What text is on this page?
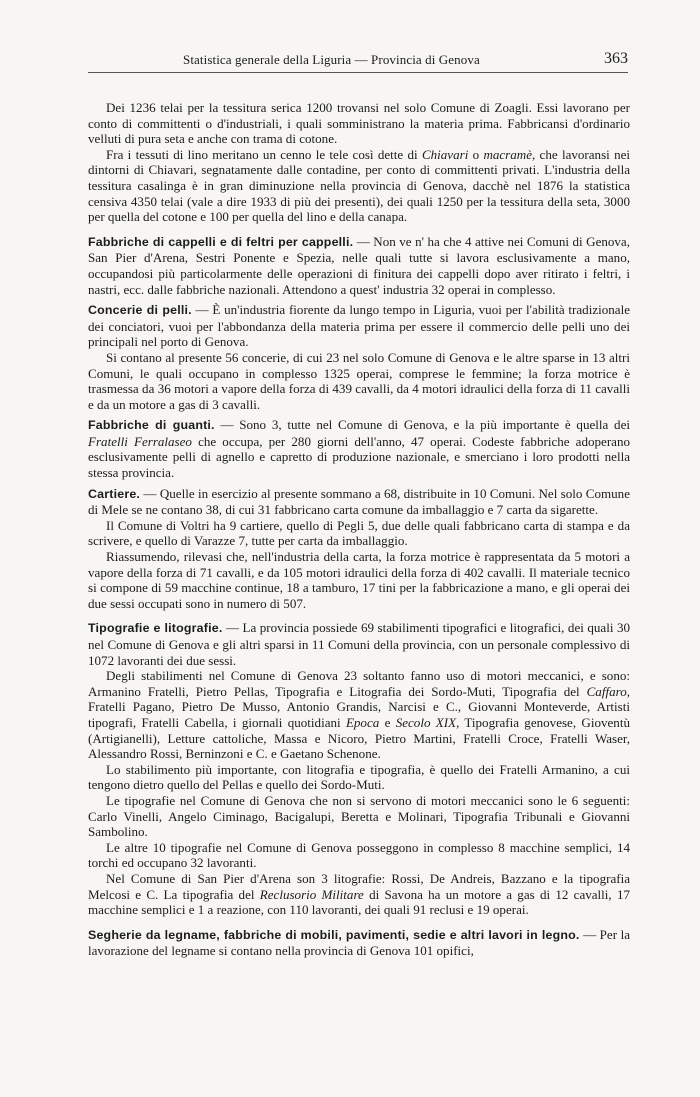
Statistica generale della Liguria — Provincia di Genova	363

Dei 1236 telai per la tessitura serica 1200 trovansi nel solo Comune di Zoagli. Essi lavorano per conto di committenti o d'industriali, i quali somministrano la materia prima. Fabbricansi d'ordinario velluti di pura seta e anche con trama di cotone.

Fra i tessuti di lino meritano un cenno le tele così dette di Chiavari o macramè, che lavoransi nei dintorni di Chiavari, segnatamente dalle contadine, per conto di committenti privati. L'industria della tessitura casalinga è in gran diminuzione nella provincia di Genova, dacchè nel 1876 la statistica censiva 4350 telai (vale a dire 1933 di più dei presenti), dei quali 1250 per la tessitura della seta, 3000 per quella del cotone e 100 per quella del lino e della canapa.

Fabbriche di cappelli e di feltri per cappelli. — Non ve n' ha che 4 attive nei Comuni di Genova, San Pier d'Arena, Sestri Ponente e Spezia, nelle quali tutte si lavora esclusivamente a mano, occupandosi più particolarmente delle operazioni di finitura dei cappelli dopo aver ritirato i feltri, i nastri, ecc. dalle fabbriche nazionali. Attendono a quest' industria 32 operai in complesso.

Concerie di pelli. — È un'industria fiorente da lungo tempo in Liguria, vuoi per l'abilità tradizionale dei conciatori, vuoi per l'abbondanza della materia prima per essere il commercio delle pelli uno dei principali nel porto di Genova.

Si contano al presente 56 concerie, di cui 23 nel solo Comune di Genova e le altre sparse in 13 altri Comuni, le quali occupano in complesso 1325 operai, comprese le femmine; la forza motrice è trasmessa da 36 motori a vapore della forza di 439 cavalli, da 4 motori idraulici della forza di 11 cavalli e da un motore a gas di 3 cavalli.

Fabbriche di guanti. — Sono 3, tutte nel Comune di Genova, e la più importante è quella dei Fratelli Ferralaseo che occupa, per 280 giorni dell'anno, 47 operai. Codeste fabbriche adoperano esclusivamente pelli di agnello e capretto di produzione nazionale, e smerciano i loro prodotti nella stessa provincia.

Cartiere. — Quelle in esercizio al presente sommano a 68, distribuite in 10 Comuni. Nel solo Comune di Mele se ne contano 38, di cui 31 fabbricano carta comune da imballaggio e 7 carta da sigarette.

Il Comune di Voltri ha 9 cartiere, quello di Pegli 5, due delle quali fabbricano carta di stampa e da scrivere, e quello di Varazze 7, tutte per carta da imballaggio.

Riassumendo, rilevasi che, nell'industria della carta, la forza motrice è rappresentata da 5 motori a vapore della forza di 71 cavalli, e da 105 motori idraulici della forza di 402 cavalli. Il materiale tecnico si compone di 59 macchine continue, 18 a tamburo, 17 tini per la fabbricazione a mano, e gli operai dei due sessi occupati sono in numero di 507.

Tipografie e litografie. — La provincia possiede 69 stabilimenti tipografici e litografici, dei quali 30 nel Comune di Genova e gli altri sparsi in 11 Comuni della provincia, con un personale complessivo di 1072 lavoranti dei due sessi.

Degli stabilimenti nel Comune di Genova 23 soltanto fanno uso di motori meccanici, e sono: Armanino Fratelli, Pietro Pellas, Tipografia e Litografia dei Sordo-Muti, Tipografia del Caffaro, Fratelli Pagano, Pietro De Musso, Antonio Grandis, Narcisi e C., Giovanni Monteverde, Artisti tipografi, Fratelli Cabella, i giornali quotidiani Epoca e Secolo XIX, Tipografia genovese, Gioventù (Artigianelli), Letture cattoliche, Massa e Nicoro, Pietro Martini, Fratelli Croce, Fratelli Waser, Alessandro Rossi, Berninzoni e C. e Gaetano Schenone.

Lo stabilimento più importante, con litografia e tipografia, è quello dei Fratelli Armanino, a cui tengono dietro quello del Pellas e quello dei Sordo-Muti.

Le tipografie nel Comune di Genova che non si servono di motori meccanici sono le 6 seguenti: Carlo Vinelli, Angelo Ciminago, Bacigalupi, Beretta e Molinari, Tipografia Tribunali e Giovanni Sambolino.

Le altre 10 tipografie nel Comune di Genova posseggono in complesso 8 macchine semplici, 14 torchi ed occupano 32 lavoranti.

Nel Comune di San Pier d'Arena son 3 litografie: Rossi, De Andreis, Bazzano e la tipografia Melcosi e C. La tipografia del Reclusorio Militare di Savona ha un motore a gas di 12 cavalli, 17 macchine semplici e 1 a reazione, con 110 lavoranti, dei quali 91 reclusi e 19 operai.

Segherie da legname, fabbriche di mobili, pavimenti, sedie e altri lavori in legno. — Per la lavorazione del legname si contano nella provincia di Genova 101 opifici,
